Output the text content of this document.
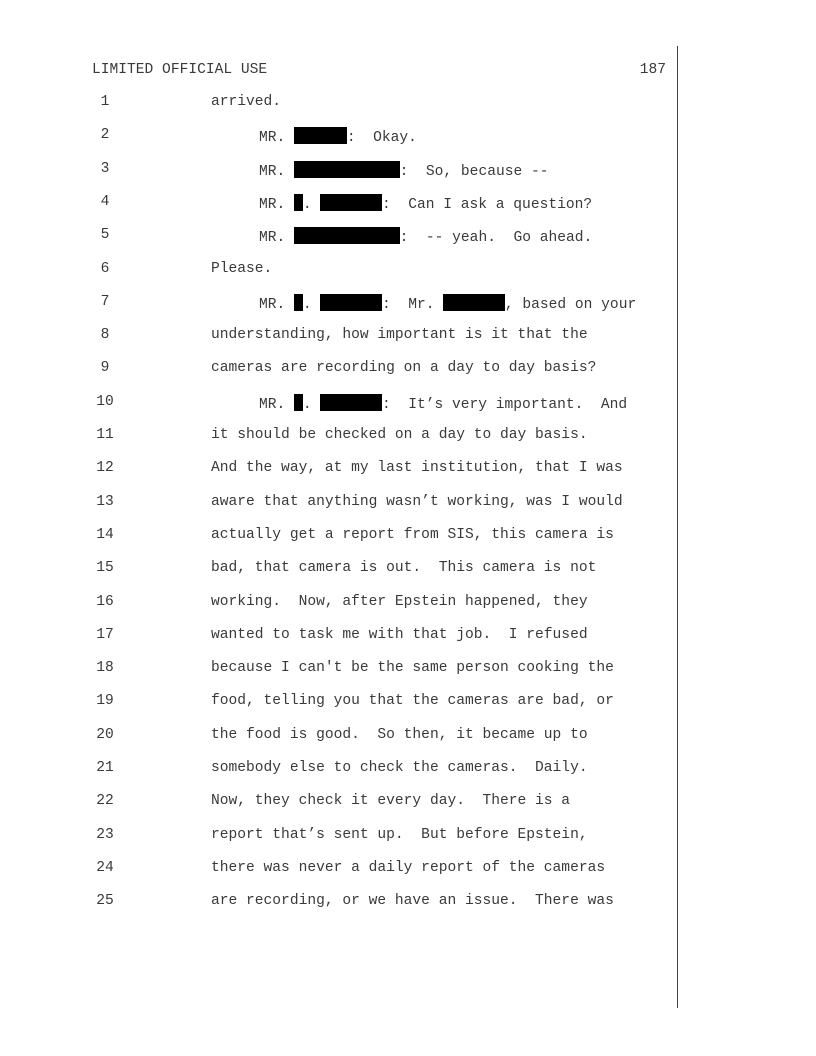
LIMITED OFFICIAL USE	187
1	arrived.
2	MR.	:  Okay.
3	MR.	:  So, because --
4	MR. .	:  Can I ask a question?
5	MR.	:  -- yeah.  Go ahead.
6	Please.
7	MR. .	:  Mr.	, based on your
8	understanding, how important is it that the
9	cameras are recording on a day to day basis?
10	MR. .	:  It’s very important.  And
11	it should be checked on a day to day basis.
12	And the way, at my last institution, that I was
13	aware that anything wasn’t working, was I would
14	actually get a report from SIS, this camera is
15	bad, that camera is out.  This camera is not
16	working.  Now, after Epstein happened, they
17	wanted to task me with that job.  I refused
18	because I can't be the same person cooking the
19	food, telling you that the cameras are bad, or
20	the food is good.  So then, it became up to
21	somebody else to check the cameras.  Daily.
22	Now, they check it every day.  There is a
23	report that’s sent up.  But before Epstein,
24	there was never a daily report of the cameras
25	are recording, or we have an issue.  There was
